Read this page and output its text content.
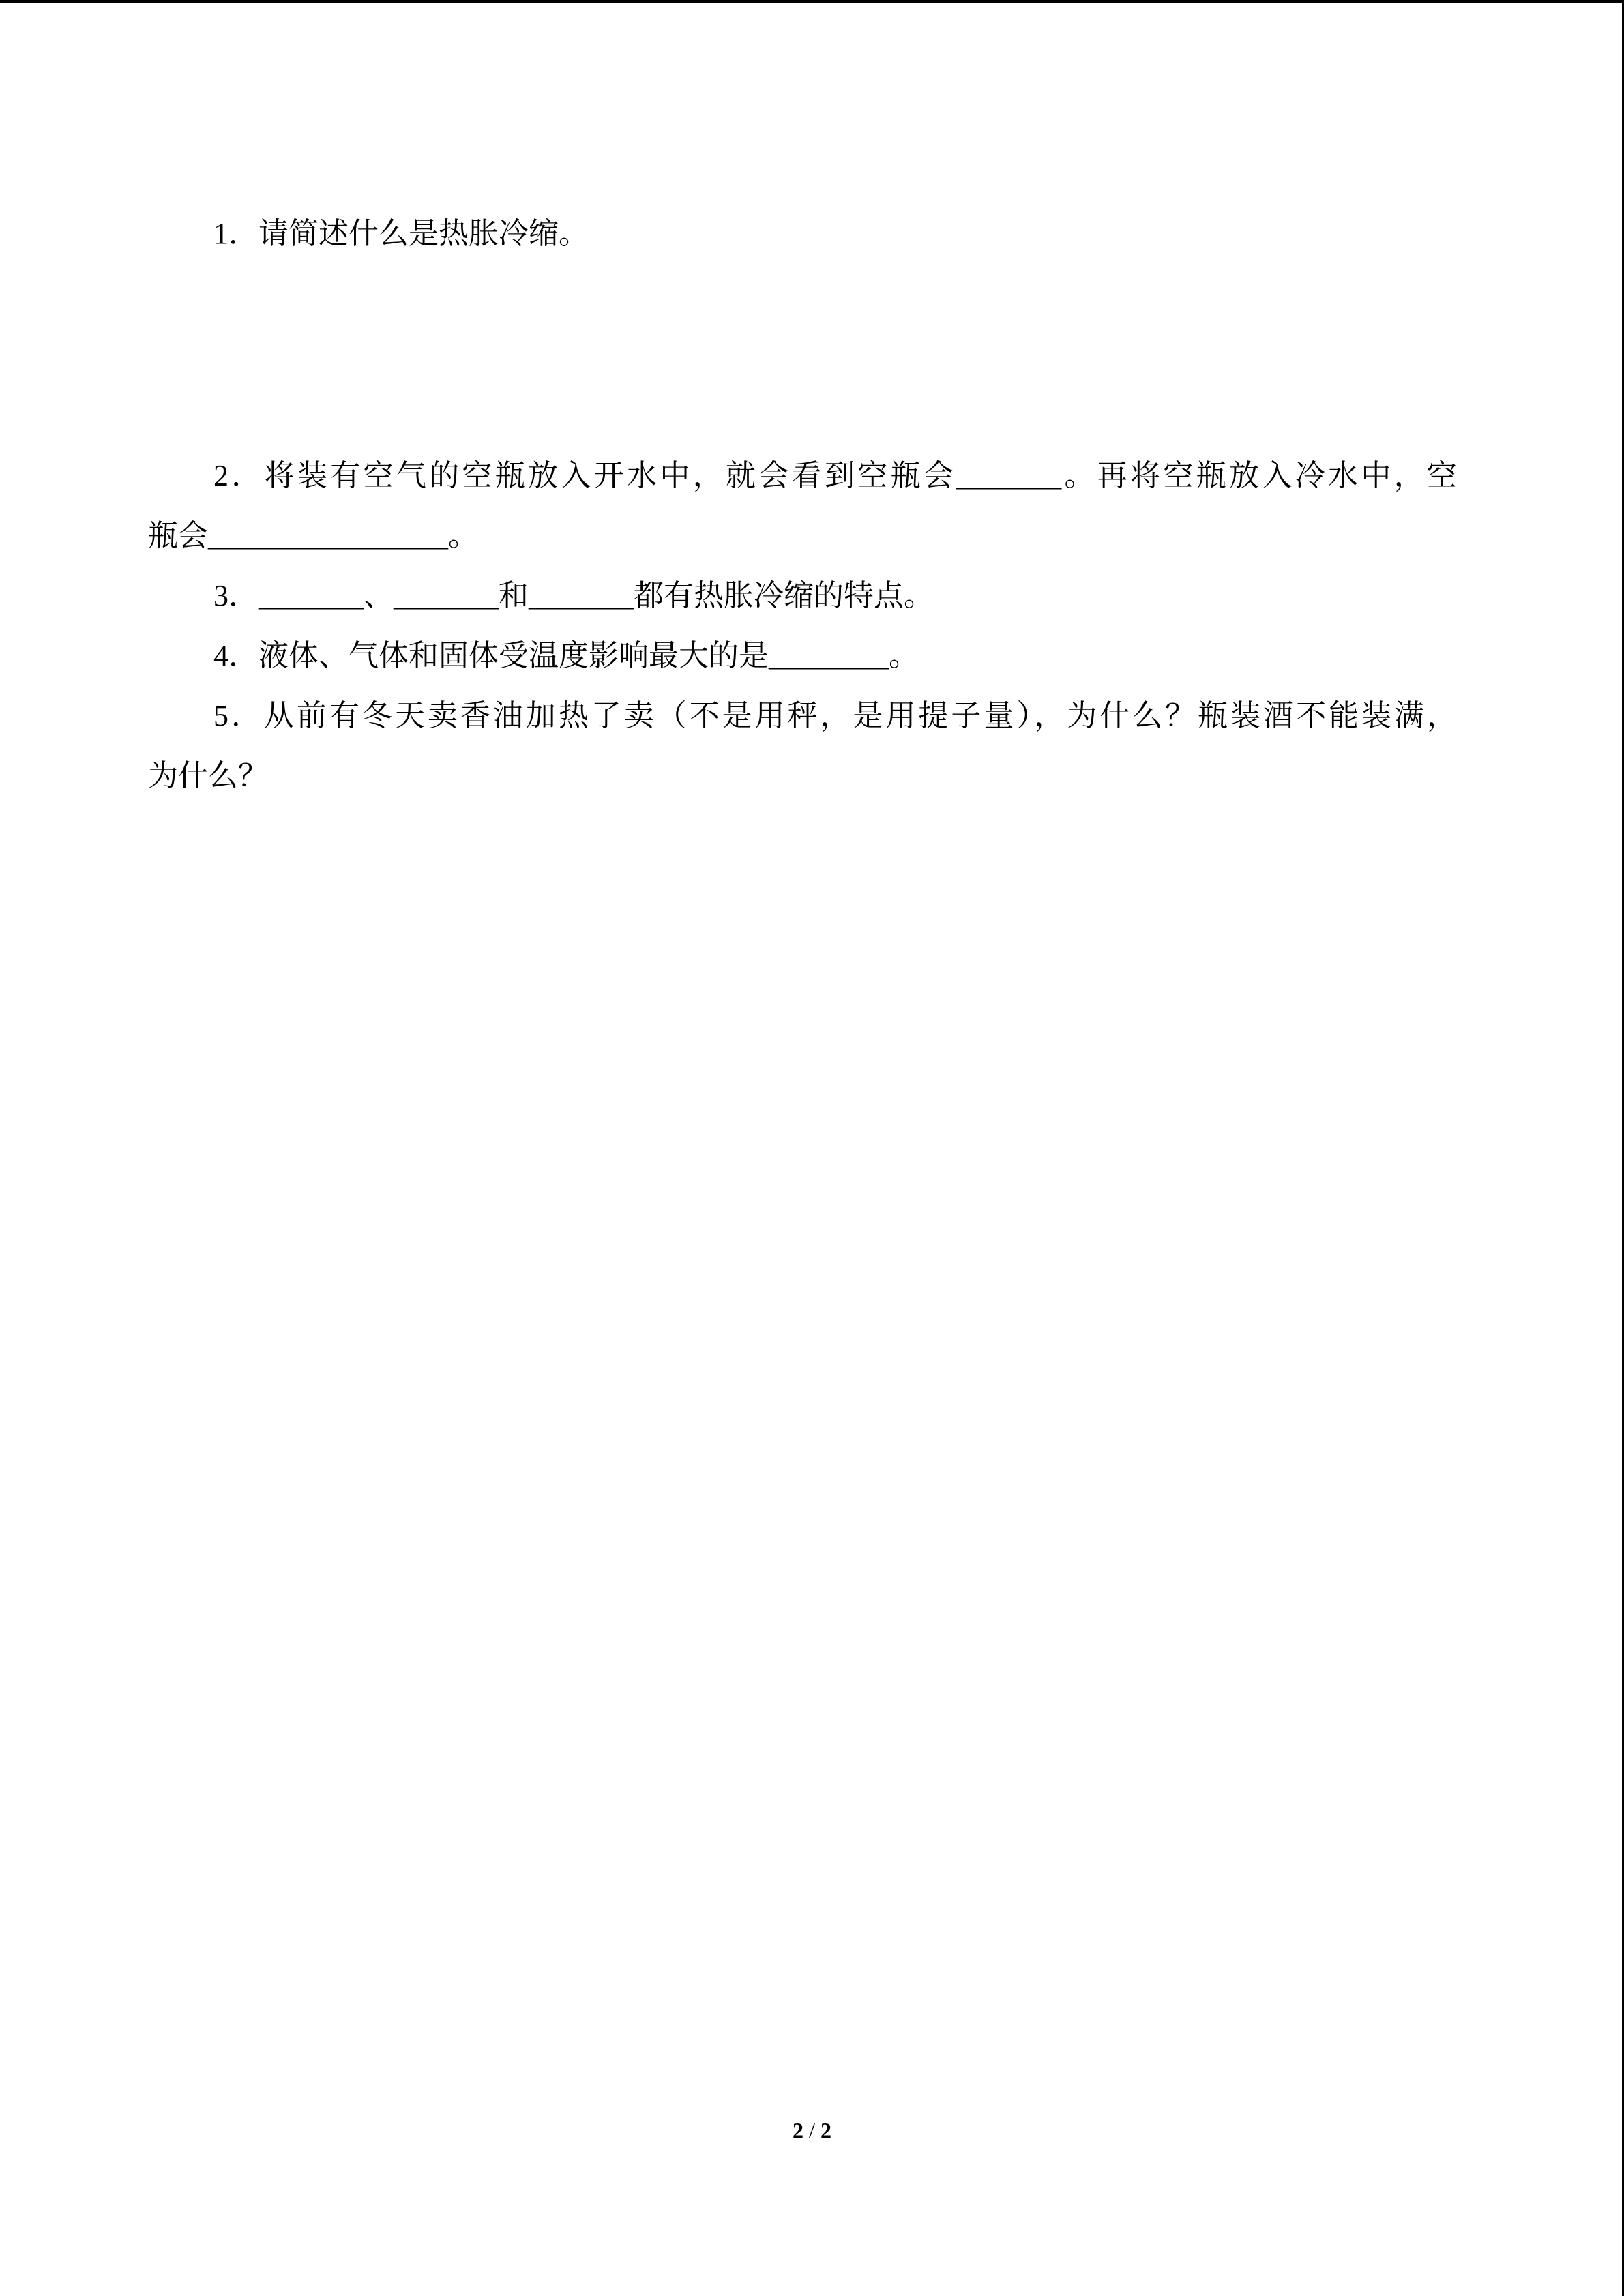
1．请简述什么是热胀冷缩。
2．将装有空气的空瓶放入开水中，就会看到空瓶会_______。再将空瓶放入冷水中，空
瓶会________________。
3．_______、_______和_______都有热胀冷缩的特点。
4．液体、气体和固体受温度影响最大的是________。
5．从前有冬天卖香油加热了卖（不是用秤，是用提子量），为什么？瓶装酒不能装满，
为什么？
2 / 2
